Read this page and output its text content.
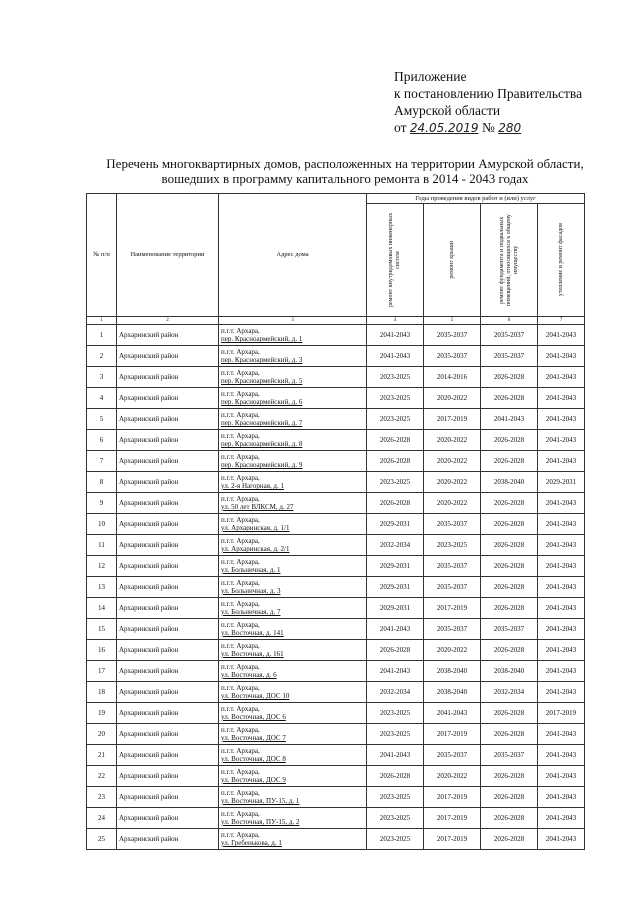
Приложение
к постановлению Правительства
Амурской области
от 24.05.2019 № 280
Перечень многоквартирных домов, расположенных на территории Амурской области,
вошедших в программу капитального ремонта в 2014 - 2043 годах
№ п/п	Наименование территории	Адрес дома	Годы проведения видов работ и (или) услуг			

			ремонт внутридомовых инженерных систем	ремонт крыши	ремонт фундамента и подвальных помещений, относящихся к общему имуществу	утепление и ремонт фасадов

1	2	3	4	5	6	7
1	Архаринский район	п.г.т. Архара,
пер. Красноармейский, д. 1	2041-2043	2035-2037	2035-2037	2041-2043
2	Архаринский район	п.г.т. Архара,
пер. Красноармейский, д. 3	2041-2043	2035-2037	2035-2037	2041-2043
3	Архаринский район	п.г.т. Архара,
пер. Красноармейский, д. 5	2023-2025	2014-2016	2026-2028	2041-2043
4	Архаринский район	п.г.т. Архара,
пер. Красноармейский, д. 6	2023-2025	2020-2022	2026-2028	2041-2043
5	Архаринский район	п.г.т. Архара,
пер. Красноармейский, д. 7	2023-2025	2017-2019	2041-2043	2041-2043
6	Архаринский район	п.г.т. Архара,
пер. Красноармейский, д. 8	2026-2028	2020-2022	2026-2028	2041-2043
7	Архаринский район	п.г.т. Архара,
пер. Красноармейский, д. 9	2026-2028	2020-2022	2026-2028	2041-2043
8	Архаринский район	п.г.т. Архара,
ул. 2-я Нагорная, д. 1	2023-2025	2020-2022	2038-2040	2029-2031
9	Архаринский район	п.г.т. Архара,
ул. 50 лет ВЛКСМ, д. 27	2026-2028	2020-2022	2026-2028	2041-2043
10	Архаринский район	п.г.т. Архара,
ул. Архаринская, д. 1/1	2029-2031	2035-2037	2026-2028	2041-2043
11	Архаринский район	п.г.т. Архара,
ул. Архаринская, д. 2/1	2032-2034	2023-2025	2026-2028	2041-2043
12	Архаринский район	п.г.т. Архара,
ул. Больничная, д. 1	2029-2031	2035-2037	2026-2028	2041-2043
13	Архаринский район	п.г.т. Архара,
ул. Больничная, д. 3	2029-2031	2035-2037	2026-2028	2041-2043
14	Архаринский район	п.г.т. Архара,
ул. Больничная, д. 7	2029-2031	2017-2019	2026-2028	2041-2043
15	Архаринский район	п.г.т. Архара,
ул. Восточная, д. 141	2041-2043	2035-2037	2035-2037	2041-2043
16	Архаринский район	п.г.т. Архара,
ул. Восточная, д. 161	2026-2028	2020-2022	2026-2028	2041-2043
17	Архаринский район	п.г.т. Архара,
ул. Восточная, д. 6	2041-2043	2038-2040	2038-2040	2041-2043
18	Архаринский район	п.г.т. Архара,
ул. Восточная, ДОС 10	2032-2034	2038-2040	2032-2034	2041-2043
19	Архаринский район	п.г.т. Архара,
ул. Восточная, ДОС 6	2023-2025	2041-2043	2026-2028	2017-2019
20	Архаринский район	п.г.т. Архара,
ул. Восточная, ДОС 7	2023-2025	2017-2019	2026-2028	2041-2043
21	Архаринский район	п.г.т. Архара,
ул. Восточная, ДОС 8	2041-2043	2035-2037	2035-2037	2041-2043
22	Архаринский район	п.г.т. Архара,
ул. Восточная, ДОС 9	2026-2028	2020-2022	2026-2028	2041-2043
23	Архаринский район	п.г.т. Архара,
ул. Восточная, ПУ-15, д. 1	2023-2025	2017-2019	2026-2028	2041-2043
24	Архаринский район	п.г.т. Архара,
ул. Восточная, ПУ-15, д. 2	2023-2025	2017-2019	2026-2028	2041-2043
25	Архаринский район	п.г.т. Архара,
ул. Гребенькова, д. 1	2023-2025	2017-2019	2026-2028	2041-2043
